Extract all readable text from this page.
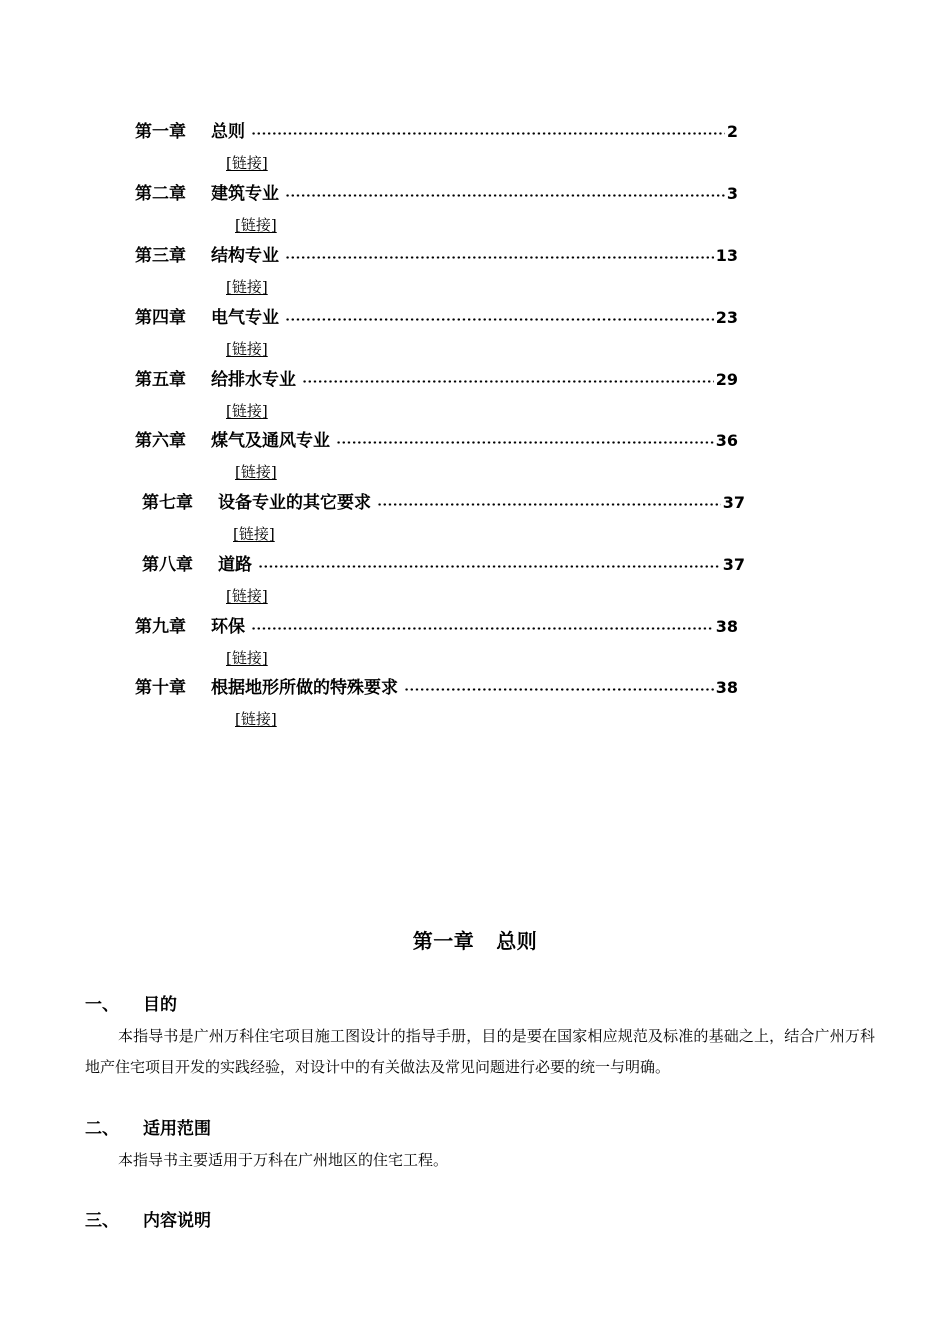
第一章	总则	2
[链接]
第二章	建筑专业	3
[链接]
第三章	结构专业	13
[链接]
第四章	电气专业	23
[链接]
第五章	给排水专业	29
[链接]
第六章	煤气及通风专业	36
[链接]
第七章	设备专业的其它要求	37
[链接]
第八章	道路	37
[链接]
第九章	环保	38
[链接]
第十章	根据地形所做的特殊要求	38
[链接]
第一章 总则
一、 目的
本指导书是广州万科住宅项目施工图设计的指导手册，目的是要在国家相应规范及标准的基础之上，结合广州万科地产住宅项目开发的实践经验，对设计中的有关做法及常见问题进行必要的统一与明确。
二、 适用范围
本指导书主要适用于万科在广州地区的住宅工程。
三、 内容说明
